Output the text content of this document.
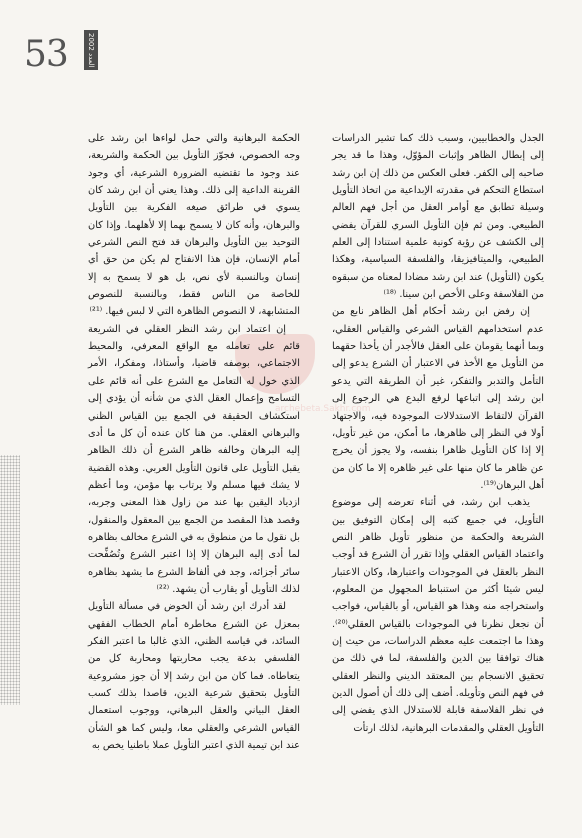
53	العدد 2002
archebeta.Sakhr.com

الجدل والخطابيين، وسبب ذلك كما تشير الدراسات إلى إبطال الظاهر وإثبات المؤوّل، وهذا ما قد يجر صاحبه إلى الكفر. فعلى العكس من ذلك إن ابن رشد استطاع التحكم في مقدرته الإبداعية من اتخاذ التأويل وسيلة تطابق مع أوامر العقل من أجل فهم العالم الطبيعي. ومن ثم فإن التأويل السري للقرآن يفضي إلى الكشف عن رؤية كونية علمية استنادا إلى العلم الطبيعي، والميتافيزيقا، والفلسفة السياسية، وهكذا يكون (التأويل) عند ابن رشد مضادا لمعناه من سبقوه من الفلاسفة وعلى الأخص ابن سينا. ⁽¹⁸⁾

إن رفض ابن رشد أحكام أهل الظاهر نابع من عدم استخدامهم القياس الشرعي والقياس العقلي، وبما أنهما يقومان على العقل فالأجدر أن يأخذا حقهما من التأويل مع الأخذ في الاعتبار أن الشرع يدعو إلى التأمل والتدبر والتفكر، غير أن الطريقة التي يدعو ابن رشد إلى اتباعها لرفع البدع هي الرجوع إلى القرآن لالتقاط الاستدلالات الموجودة فيه، والاجتهاد أولا في النظر إلى ظاهرها، ما أمكن، من غير تأويل، إلا إذا كان التأويل ظاهرا بنفسه، ولا يجوز أن يخرج عن ظاهر ما كان منها على غير ظاهره إلا ما كان من أهل البرهان⁽¹⁹⁾.

يذهب ابن رشد، في أثناء تعرضه إلى موضوع التأويل، في جميع كتبه إلى إمكان التوفيق بين الشريعة والحكمة من منظور تأويل ظاهر النص واعتماد القياس العقلي وإذا تقرر أن الشرع قد أوجب النظر بالعقل في الموجودات واعتبارها، وكان الاعتبار ليس شيئا أكثر من استنباط المجهول من المعلوم، واستخراجه منه وهذا هو القياس، أو بالقياس، فواجب أن نجعل نظرنا في الموجودات بالقياس العقلي⁽²⁰⁾. وهذا ما اجتمعت عليه معظم الدراسات، من حيث إن هناك توافقا بين الدين والفلسفة، لما في ذلك من تحقيق الانسجام بين المعتقد الديني والنظر العقلي في فهم النص وتأويله. أضف إلى ذلك أن أصول الدين في نظر الفلاسفة قابلة للاستدلال الذي يفضي إلى التأويل العقلي والمقدمات البرهانية، لذلك ارتأت

الحكمة البرهانية والتي حمل لواءها ابن رشد على وجه الخصوص، فجوّز التأويل بين الحكمة والشريعة، عند وجود ما تقتضيه الضرورة الشرعية، أي وجود القرينة الداعية إلى ذلك. وهذا يعني أن ابن رشد كان يسوي في طرائق صيغه الفكرية بين التأويل والبرهان، وأنه كان لا يسمح بهما إلا لأهلهما. وإذا كان التوحيد بين التأويل والبرهان قد فتح النص الشرعي أمام الإنسان، فإن هذا الانفتاح لم يكن من حق أي إنسان وبالنسبة لأي نص، بل هو لا يسمح به إلا للخاصة من الناس فقط، وبالنسبة للنصوص المتشابهة، لا النصوص الظاهرة التي لا لبس فيها. ⁽²¹⁾

إن اعتماد ابن رشد النظر العقلي في الشريعة قائم على تعامله مع الواقع المعرفي، والمحيط الاجتماعي، بوصفه قاضيا، وأستاذا، ومفكرا، الأمر الذي خول له التعامل مع الشرع على أنه قائم على التسامح وإعمال العقل الذي من شأنه أن يؤدي إلى استكشاف الحقيقة في الجمع بين القياس الظني والبرهاني العقلي. من هنا كان عنده أن كل ما أدى إليه البرهان وخالفه ظاهر الشرع أن ذلك الظاهر يقبل التأويل على قانون التأويل العربي. وهذه القضية لا يشك فيها مسلم ولا يرتاب بها مؤمن، وما أعظم ازدياد اليقين بها عند من زاول هذا المعنى وجربه، وقصد هذا المقصد من الجمع بين المعقول والمنقول، بل نقول ما من منطوق به في الشرع مخالف بظاهره لما أدى إليه البرهان إلا إذا اعتبر الشرع وتُصُفِّحت سائر أجزائه، وجد في ألفاظ الشرع ما يشهد بظاهره لذلك التأويل أو يقارب أن يشهد. ⁽²²⁾

لقد أدرك ابن رشد أن الخوض في مسألة التأويل بمعزل عن الشرع مخاطرة أمام الخطاب الفقهي السائد، في قياسه الظني، الذي غالبا ما اعتبر الفكر الفلسفي بدعة يجب محاربتها ومحاربة كل من يتعاطاه. فما كان من ابن رشد إلا أن جوز مشروعية التأويل بتحقيق شرعية الدين، قاصدا بذلك كسب العقل البياني والعقل البرهاني، ووجوب استعمال القياس الشرعي والعقلي معا، وليس كما هو الشأن عند ابن تيمية الذي اعتبر التأويل عملا باطنيا يخص به
